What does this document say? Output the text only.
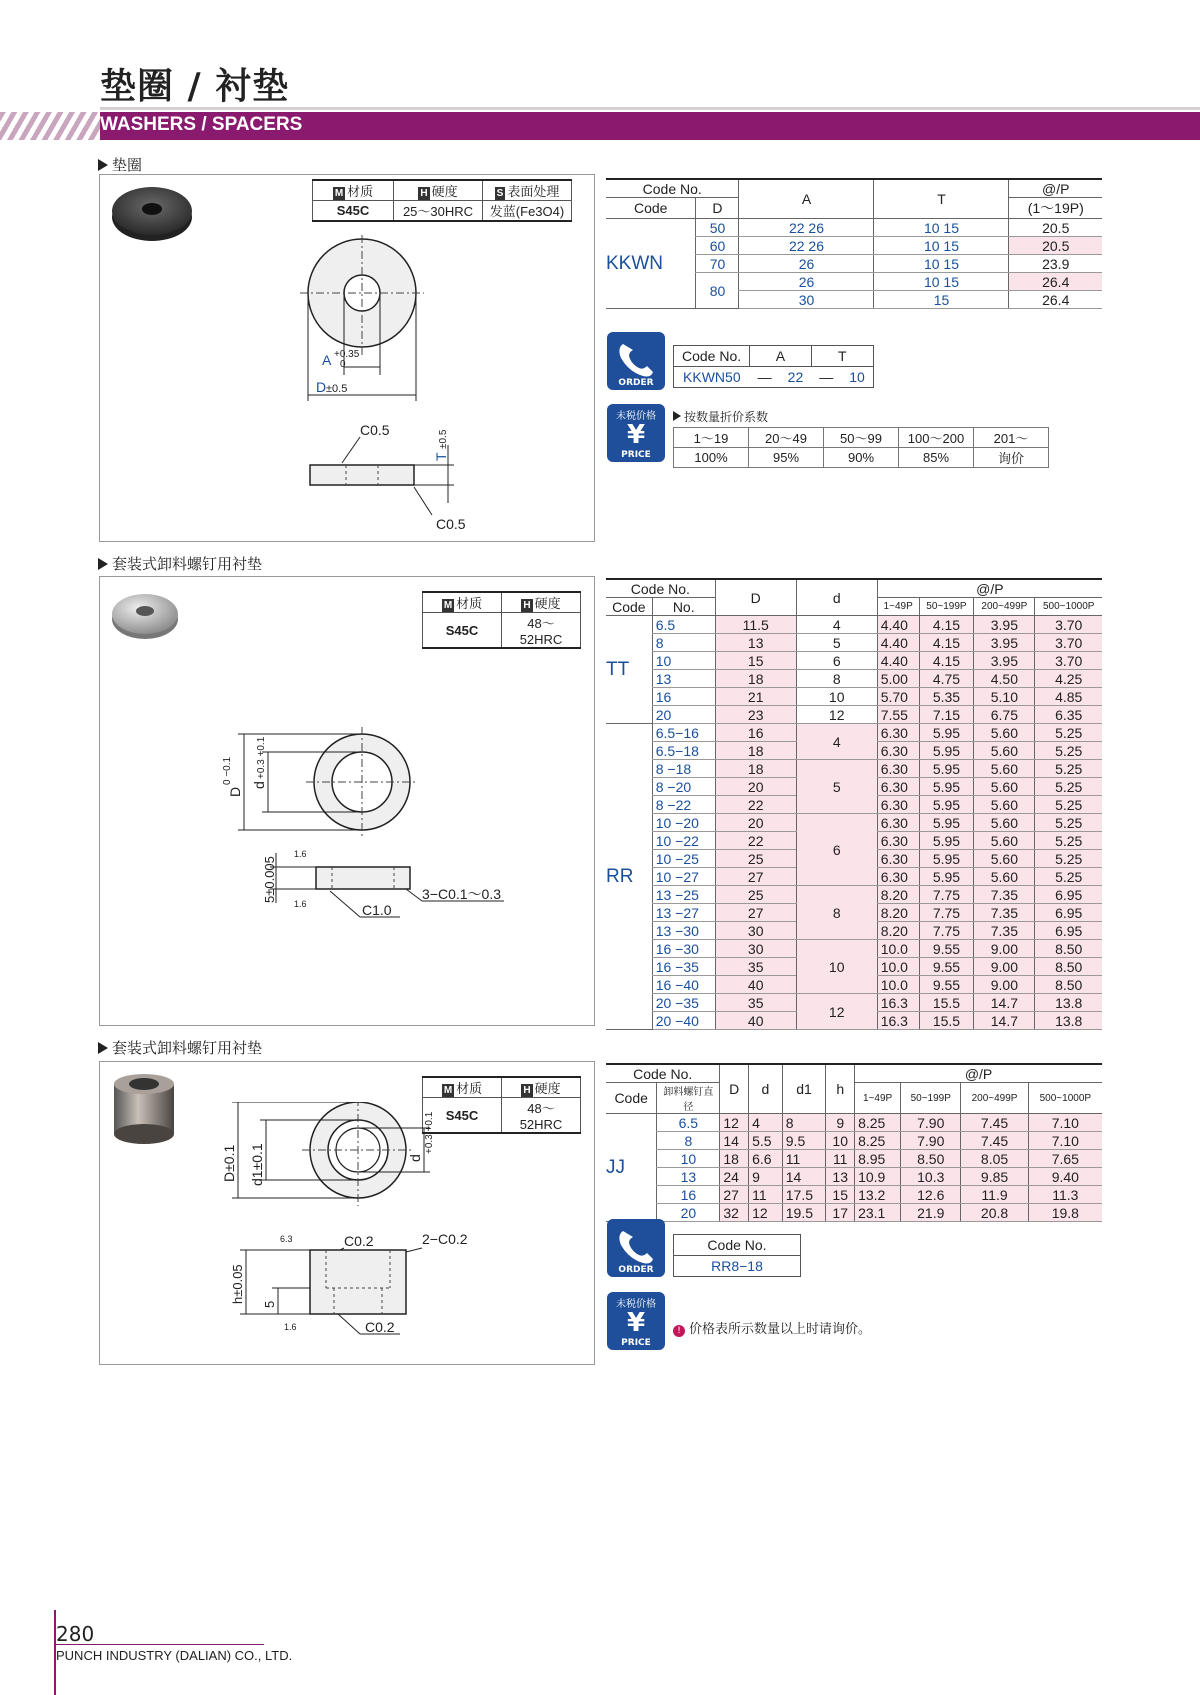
垫圈 / 衬垫
WASHERS / SPACERS
垫圈
M 材质	H 硬度	S 表面处理
S45C	25～30HRC	发蓝(Fe3O4)
A +0.35
0
D ±0.5
C0.5
C0.5
T
±0.5
Code No.		A	T	@/P
Code	D			(1～19P)
KKWN	50	22 26	10 15	20.5
	60	22 26	10 15	20.5
	70	26	10 15	23.9
	80	26	10 15	26.4
		30	15	26.4
ORDER
Code No.	A		T	
KKWN50	—	22	—	10
未税价格
¥
PRICE
按数量折价系数
1～19	20～49	50～99	100～200	201～
100%	95%	90%	85%	询价
套装式卸料螺钉用衬垫
M 材质	H 硬度
S45C	48～52HRC
D
0 −0.1
d
+0.3 +0.1
5±0.005
1.6
1.6	C1.0
3−C0.1～0.3
Code No.		D	d	@/P			
Code	No.			1~49P	50~199P	200~499P	500~1000P
TT	6.5	11.5	4	4.40	4.15	3.95	3.70
	8	13	5	4.40	4.15	3.95	3.70
	10	15	6	4.40	4.15	3.95	3.70
	13	18	8	5.00	4.75	4.50	4.25
	16	21	10	5.70	5.35	5.10	4.85
	20	23	12	7.55	7.15	6.75	6.35
RR	6.5−16	16	4	6.30	5.95	5.60	5.25
	6.5−18	18		6.30	5.95	5.60	5.25
	8 −18	18	5	6.30	5.95	5.60	5.25
	8 −20	20		6.30	5.95	5.60	5.25
	8 −22	22		6.30	5.95	5.60	5.25
	10 −20	20	6	6.30	5.95	5.60	5.25
	10 −22	22		6.30	5.95	5.60	5.25
	10 −25	25		6.30	5.95	5.60	5.25
	10 −27	27		6.30	5.95	5.60	5.25
	13 −25	25	8	8.20	7.75	7.35	6.95
	13 −27	27		8.20	7.75	7.35	6.95
	13 −30	30		8.20	7.75	7.35	6.95
	16 −30	30	10	10.0	9.55	9.00	8.50
	16 −35	35		10.0	9.55	9.00	8.50
	16 −40	40		10.0	9.55	9.00	8.50
	20 −35	35	12	16.3	15.5	14.7	13.8
	20 −40	40		16.3	15.5	14.7	13.8
套装式卸料螺钉用衬垫
M 材质	H 硬度
S45C	48～52HRC
D±0.1 d1±0.1	d
+0.3 +0.1
h±0.05
5
6.3
1.6
C0.2	2−C0.2
C0.2
Code No.		D	d	d1	h	@/P			
Code	卸料螺钉直径					1~49P	50~199P	200~499P	500~1000P
JJ	6.5	12	4	8	9	8.25	7.90	7.45	7.10
	8	14	5.5	9.5	10	8.25	7.90	7.45	7.10
	10	18	6.6	11	11	8.95	8.50	8.05	7.65
	13	24	9	14	13	10.9	10.3	9.85	9.40
	16	27	11	17.5	15	13.2	12.6	11.9	11.3
	20	32	12	19.5	17	23.1	21.9	20.8	19.8
ORDER
Code No.
RR8−18
未税价格
¥
PRICE
! 价格表所示数量以上时请询价。
280
PUNCH INDUSTRY (DALIAN) CO., LTD.
